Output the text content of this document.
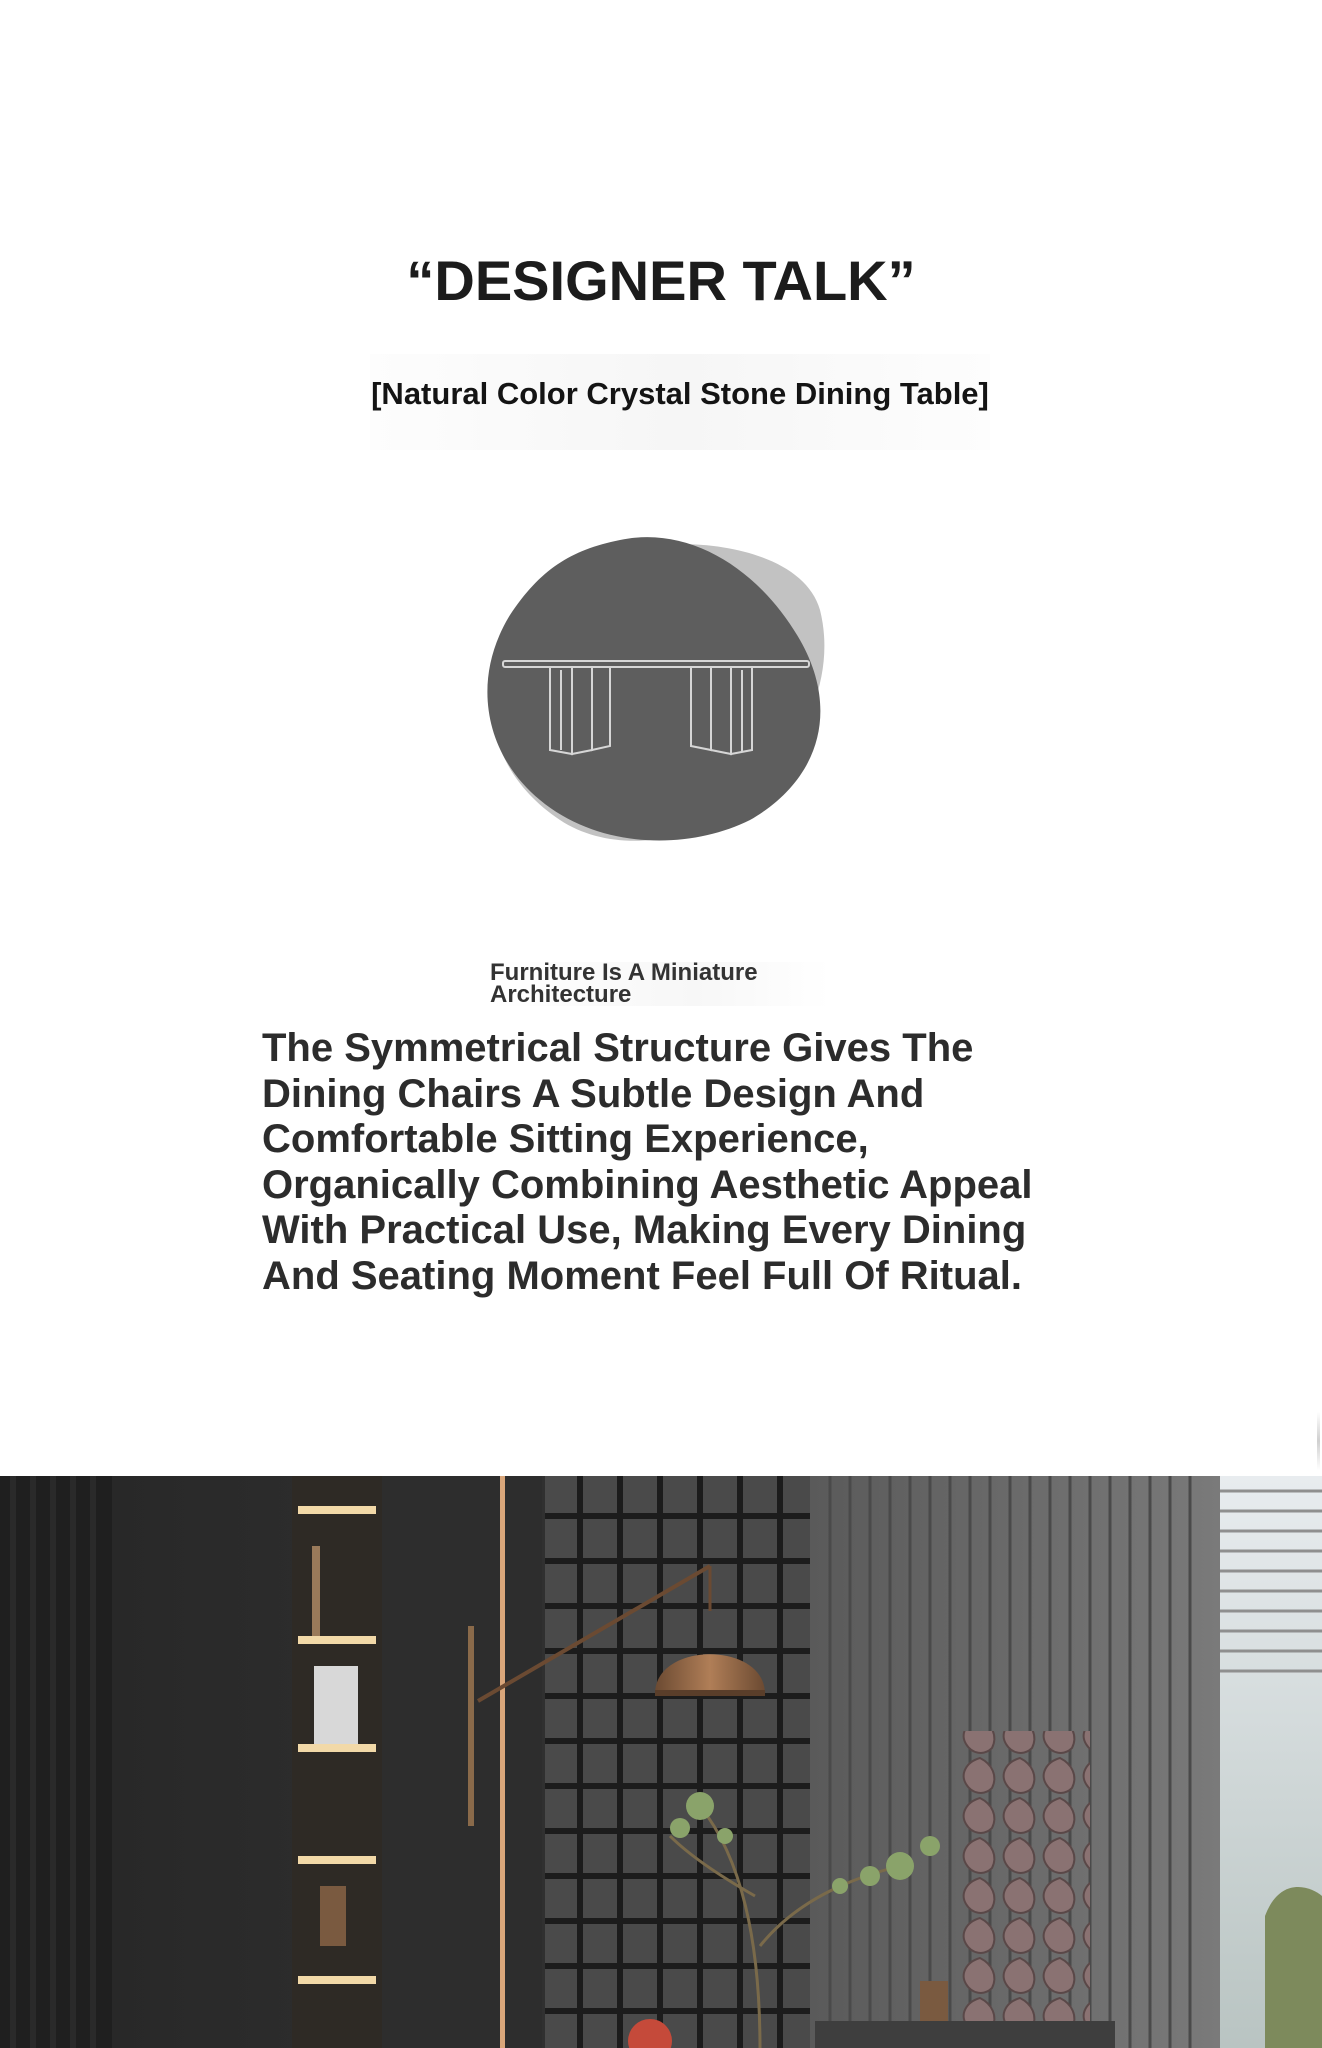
“DESIGNER TALK”
[Natural Color Crystal Stone Dining Table]
Furniture Is A Miniature
Architecture
The Symmetrical Structure Gives The
Dining Chairs A Subtle Design And
Comfortable Sitting Experience,
Organically Combining Aesthetic Appeal
With Practical Use, Making Every Dining
And Seating Moment Feel Full Of Ritual.
